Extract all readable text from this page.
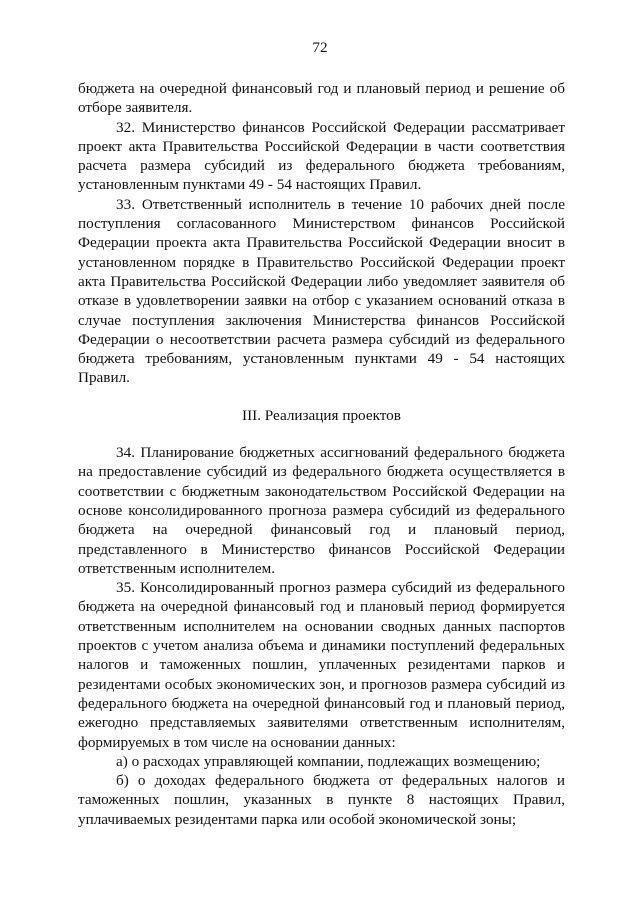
72

бюджета на очередной финансовый год и плановый период и решение об отборе заявителя.

32. Министерство финансов Российской Федерации рассматривает проект акта Правительства Российской Федерации в части соответствия расчета размера субсидий из федерального бюджета требованиям, установленным пунктами 49 - 54 настоящих Правил.

33. Ответственный исполнитель в течение 10 рабочих дней после поступления согласованного Министерством финансов Российской Федерации проекта акта Правительства Российской Федерации вносит в установленном порядке в Правительство Российской Федерации проект акта Правительства Российской Федерации либо уведомляет заявителя об отказе в удовлетворении заявки на отбор с указанием оснований отказа в случае поступления заключения Министерства финансов Российской Федерации о несоответствии расчета размера субсидий из федерального бюджета требованиям, установленным пунктами 49 - 54 настоящих Правил.

III. Реализация проектов

34. Планирование бюджетных ассигнований федерального бюджета на предоставление субсидий из федерального бюджета осуществляется в соответствии с бюджетным законодательством Российской Федерации на основе консолидированного прогноза размера субсидий из федерального бюджета на очередной финансовый год и плановый период, представленного в Министерство финансов Российской Федерации ответственным исполнителем.

35. Консолидированный прогноз размера субсидий из федерального бюджета на очередной финансовый год и плановый период формируется ответственным исполнителем на основании сводных данных паспортов проектов с учетом анализа объема и динамики поступлений федеральных налогов и таможенных пошлин, уплаченных резидентами парков и резидентами особых экономических зон, и прогнозов размера субсидий из федерального бюджета на очередной финансовый год и плановый период, ежегодно представляемых заявителями ответственным исполнителям, формируемых в том числе на основании данных:

а) о расходах управляющей компании, подлежащих возмещению;

б) о доходах федерального бюджета от федеральных налогов и таможенных пошлин, указанных в пункте 8 настоящих Правил, уплачиваемых резидентами парка или особой экономической зоны;
